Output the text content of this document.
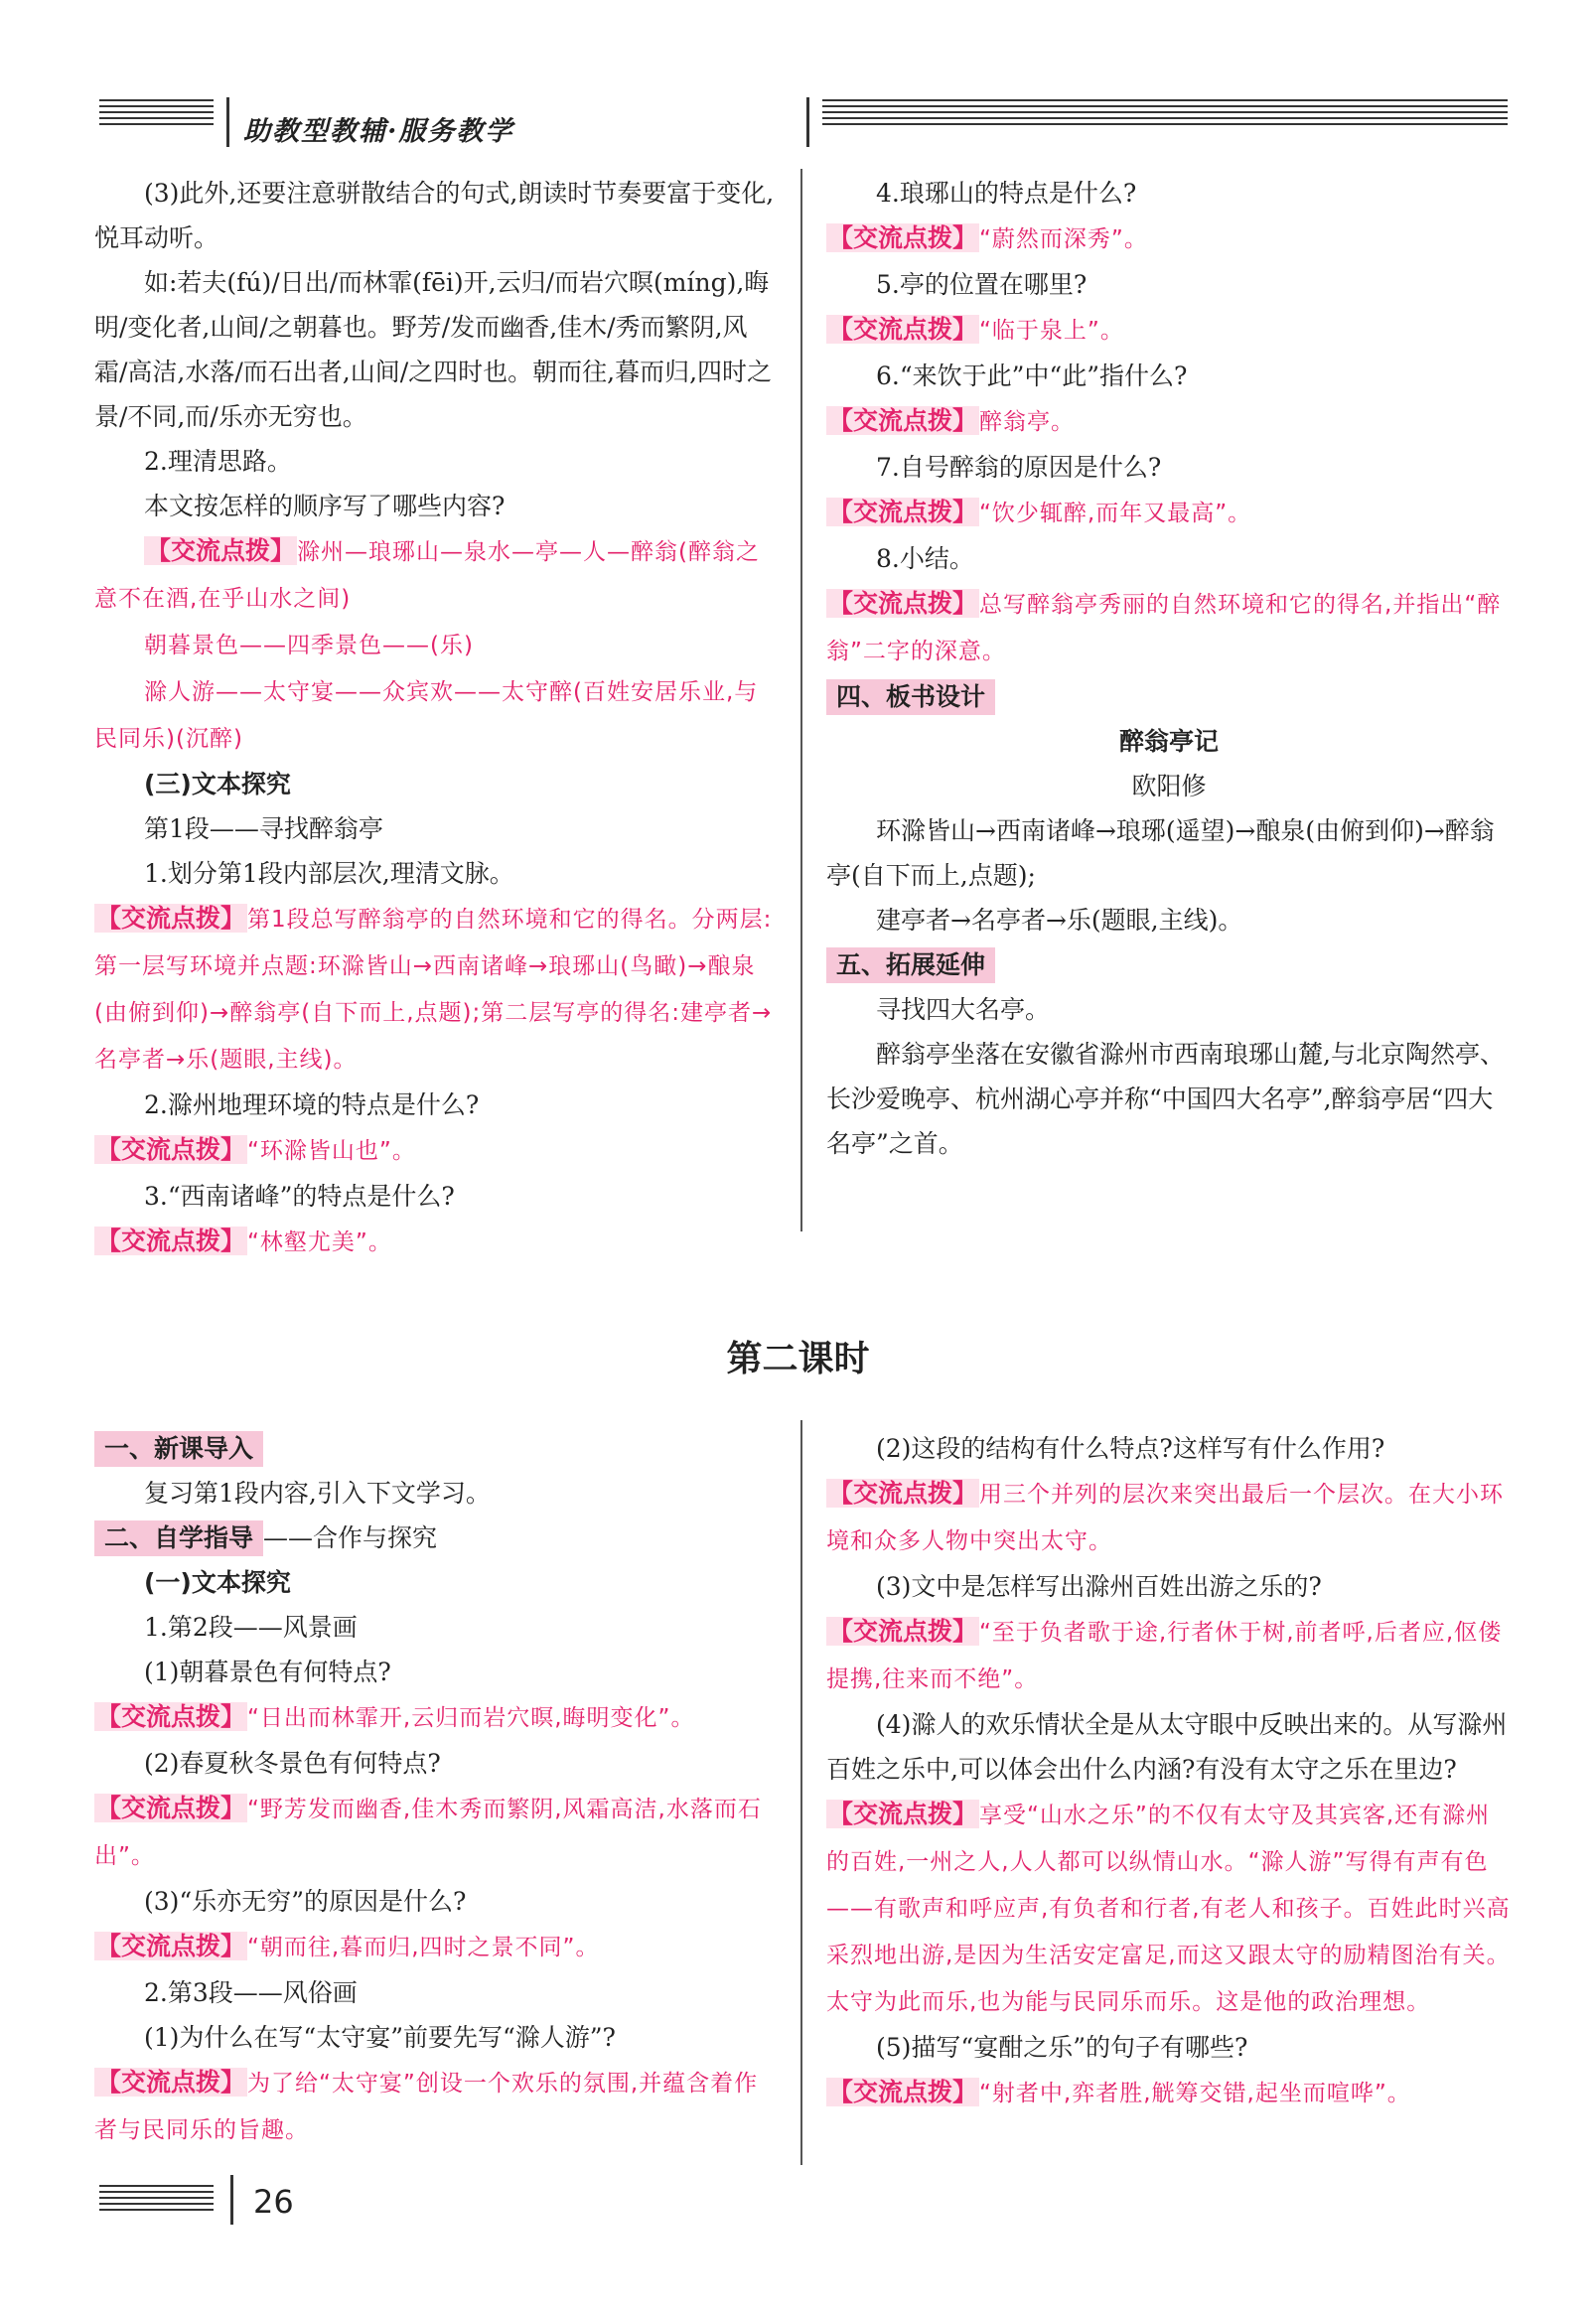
助教型教辅·服务教学

(3)此外,还要注意骈散结合的句式,朗读时节奏要富于变化,悦耳动听。

如:若夫(fú)/日出/而林霏(fēi)开,云归/而岩穴暝(míng),晦明/变化者,山间/之朝暮也。野芳/发而幽香,佳木/秀而繁阴,风霜/高洁,水落/而石出者,山间/之四时也。朝而往,暮而归,四时之景/不同,而/乐亦无穷也。

2.理清思路。

本文按怎样的顺序写了哪些内容?

【交流点拨】滁州—琅琊山—泉水—亭—人—醉翁(醉翁之意不在酒,在乎山水之间)

朝暮景色——四季景色——(乐)

滁人游——太守宴——众宾欢——太守醉(百姓安居乐业,与民同乐)(沉醉)

(三)文本探究

第1段——寻找醉翁亭

1.划分第1段内部层次,理清文脉。

【交流点拨】第1段总写醉翁亭的自然环境和它的得名。分两层:第一层写环境并点题:环滁皆山→西南诸峰→琅琊山(鸟瞰)→酿泉(由俯到仰)→醉翁亭(自下而上,点题);第二层写亭的得名:建亭者→名亭者→乐(题眼,主线)。

2.滁州地理环境的特点是什么?

【交流点拨】“环滁皆山也”。

3.“西南诸峰”的特点是什么?

【交流点拨】“林壑尤美”。

4.琅琊山的特点是什么?

【交流点拨】“蔚然而深秀”。

5.亭的位置在哪里?

【交流点拨】“临于泉上”。

6.“来饮于此”中“此”指什么?

【交流点拨】醉翁亭。

7.自号醉翁的原因是什么?

【交流点拨】“饮少辄醉,而年又最高”。

8.小结。

【交流点拨】总写醉翁亭秀丽的自然环境和它的得名,并指出“醉翁”二字的深意。

四、板书设计

醉翁亭记

欧阳修

环滁皆山→西南诸峰→琅琊(遥望)→酿泉(由俯到仰)→醉翁亭(自下而上,点题);

建亭者→名亭者→乐(题眼,主线)。

五、拓展延伸

寻找四大名亭。

醉翁亭坐落在安徽省滁州市西南琅琊山麓,与北京陶然亭、长沙爱晚亭、杭州湖心亭并称“中国四大名亭”,醉翁亭居“四大名亭”之首。

第二课时

一、新课导入

复习第1段内容,引入下文学习。

二、自学指导 ——合作与探究

(一)文本探究

1.第2段——风景画

(1)朝暮景色有何特点?

【交流点拨】“日出而林霏开,云归而岩穴暝,晦明变化”。

(2)春夏秋冬景色有何特点?

【交流点拨】“野芳发而幽香,佳木秀而繁阴,风霜高洁,水落而石出”。

(3)“乐亦无穷”的原因是什么?

【交流点拨】“朝而往,暮而归,四时之景不同”。

2.第3段——风俗画

(1)为什么在写“太守宴”前要先写“滁人游”?

【交流点拨】为了给“太守宴”创设一个欢乐的氛围,并蕴含着作者与民同乐的旨趣。

(2)这段的结构有什么特点?这样写有什么作用?

【交流点拨】用三个并列的层次来突出最后一个层次。在大小环境和众多人物中突出太守。

(3)文中是怎样写出滁州百姓出游之乐的?

【交流点拨】“至于负者歌于途,行者休于树,前者呼,后者应,伛偻提携,往来而不绝”。

(4)滁人的欢乐情状全是从太守眼中反映出来的。从写滁州百姓之乐中,可以体会出什么内涵?有没有太守之乐在里边?

【交流点拨】享受“山水之乐”的不仅有太守及其宾客,还有滁州的百姓,一州之人,人人都可以纵情山水。“滁人游”写得有声有色——有歌声和呼应声,有负者和行者,有老人和孩子。百姓此时兴高采烈地出游,是因为生活安定富足,而这又跟太守的励精图治有关。太守为此而乐,也为能与民同乐而乐。这是他的政治理想。

(5)描写“宴酣之乐”的句子有哪些?

【交流点拨】“射者中,弈者胜,觥筹交错,起坐而喧哗”。

26
